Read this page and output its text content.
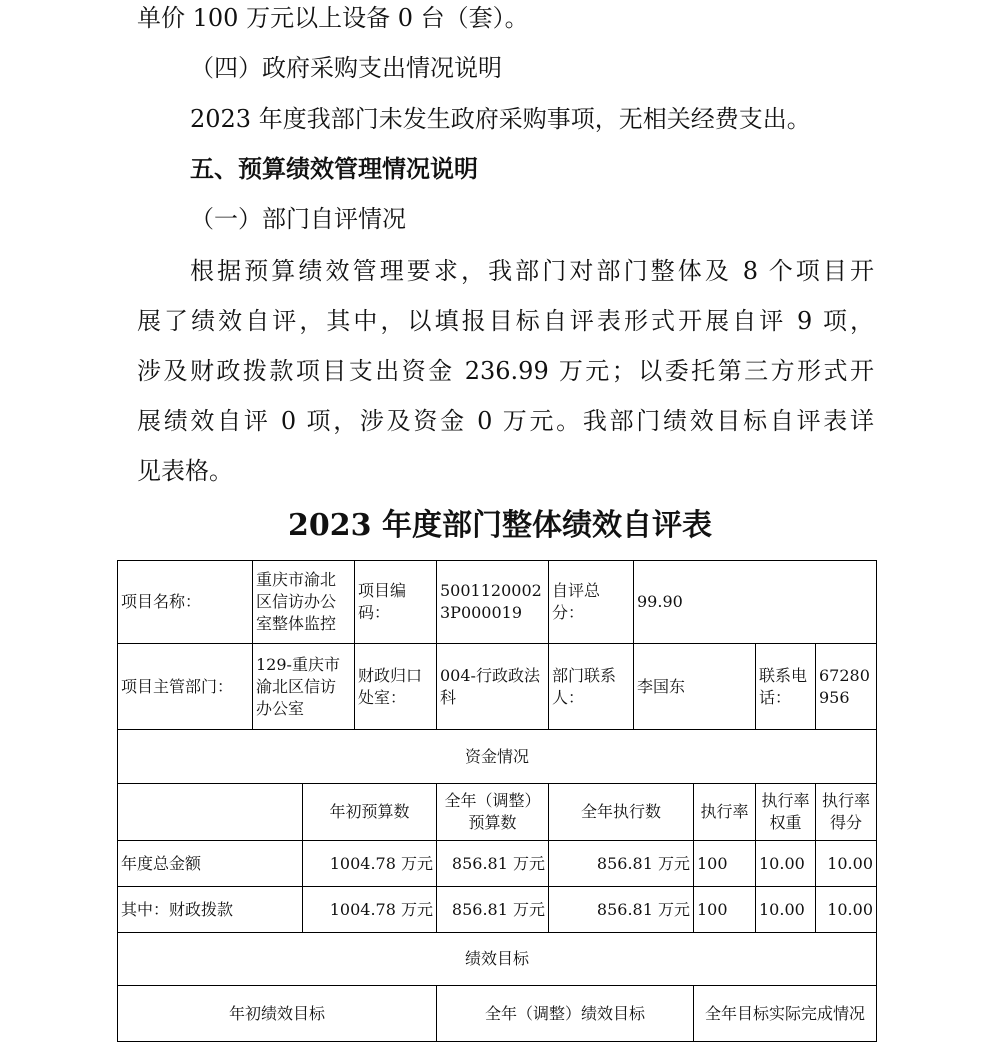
单价 100 万元以上设备 0 台（套）。
（四）政府采购支出情况说明
2023 年度我部门未发生政府采购事项，无相关经费支出。
五、预算绩效管理情况说明
（一）部门自评情况
根据预算绩效管理要求，我部门对部门整体及 8 个项目开
展了绩效自评，其中，以填报目标自评表形式开展自评 9 项，
涉及财政拨款项目支出资金 236.99 万元；以委托第三方形式开
展绩效自评 0 项，涉及资金 0 万元。我部门绩效目标自评表详
见表格。
2023 年度部门整体绩效自评表
项目名称：	重庆市渝北区信访办公室整体监控		项目编码：	50011200023P000019	自评总分：	99.90			
项目主管部门：	129-重庆市渝北区信访办公室		财政归口处室：	004-行政政法科	部门联系人：	李国东		联系电话：	67280956
资金情况									
		年初预算数		全年（调整）预算数	全年执行数		执行率	执行率权重	执行率得分
年度总金额		1004.78 万元		856.81 万元	856.81 万元		100	10.00	10.00
其中：财政拨款		1004.78 万元		856.81 万元	856.81 万元		100	10.00	10.00
绩效目标									
年初绩效目标				全年（调整）绩效目标			全年目标实际完成情况		
